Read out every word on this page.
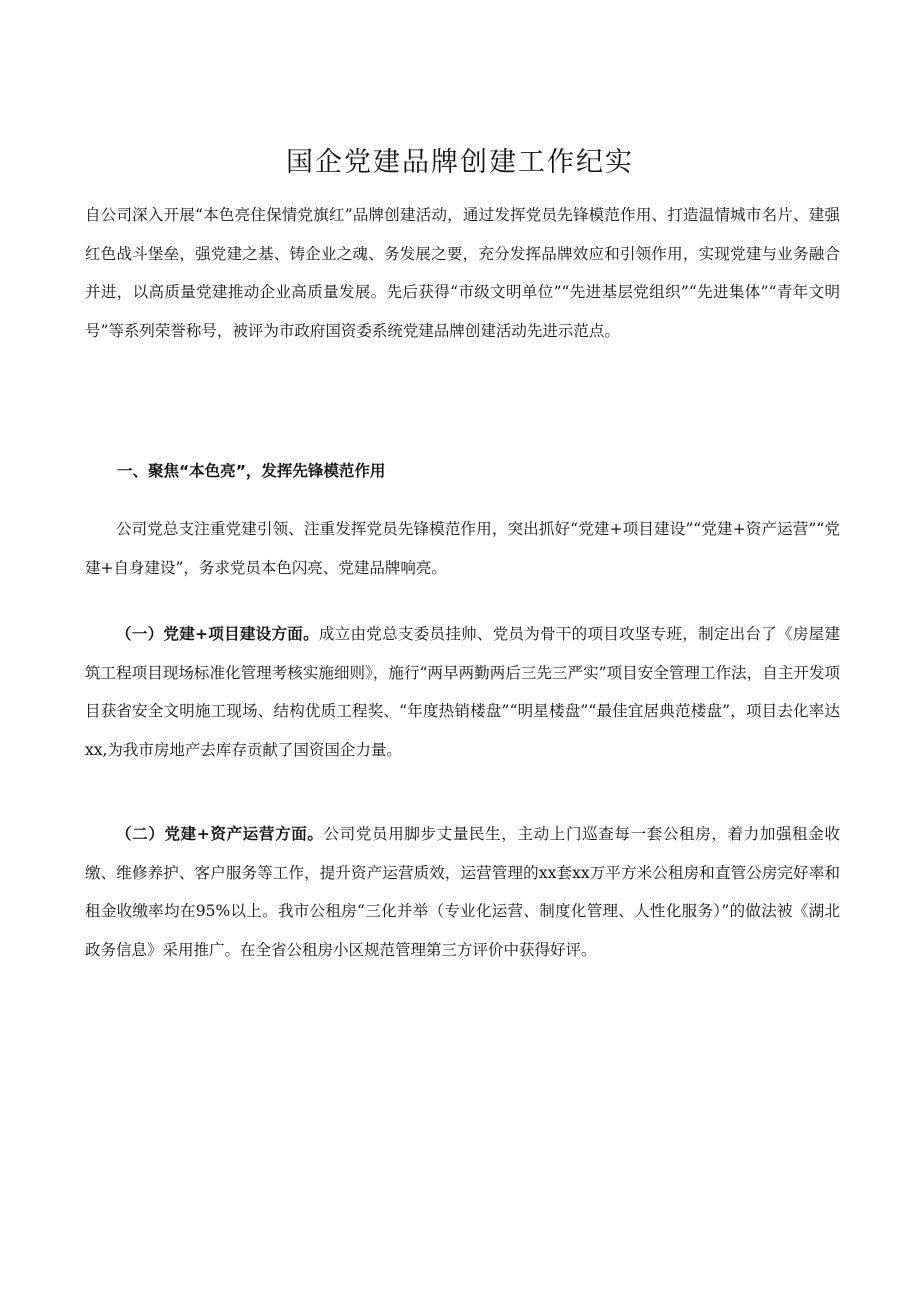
国企党建品牌创建工作纪实

自公司深入开展“本色亮住保情党旗红”品牌创建活动，通过发挥党员先锋模范作用、打造温情城市名片、建强红色战斗堡垒，强党建之基、铸企业之魂、务发展之要，充分发挥品牌效应和引领作用，实现党建与业务融合并进，以高质量党建推动企业高质量发展。先后获得“市级文明单位”“先进基层党组织”“先进集体”“青年文明号”等系列荣誉称号，被评为市政府国资委系统党建品牌创建活动先进示范点。

一、聚焦“本色亮”，发挥先锋模范作用

公司党总支注重党建引领、注重发挥党员先锋模范作用，突出抓好“党建+项目建设”“党建+资产运营”“党建+自身建设”，务求党员本色闪亮、党建品牌响亮。

（一）党建+项目建设方面。成立由党总支委员挂帅、党员为骨干的项目攻坚专班，制定出台了《房屋建筑工程项目现场标准化管理考核实施细则》，施行“两早两勤两后三先三严实”项目安全管理工作法，自主开发项目获省安全文明施工现场、结构优质工程奖、“年度热销楼盘”“明星楼盘”“最佳宜居典范楼盘”，项目去化率达xx,为我市房地产去库存贡献了国资国企力量。

（二）党建+资产运营方面。公司党员用脚步丈量民生，主动上门巡查每一套公租房，着力加强租金收缴、维修养护、客户服务等工作，提升资产运营质效，运营管理的xx套xx万平方米公租房和直管公房完好率和租金收缴率均在95%以上。我市公租房“三化并举（专业化运营、制度化管理、人性化服务）”的做法被《湖北政务信息》采用推广。在全省公租房小区规范管理第三方评价中获得好评。
